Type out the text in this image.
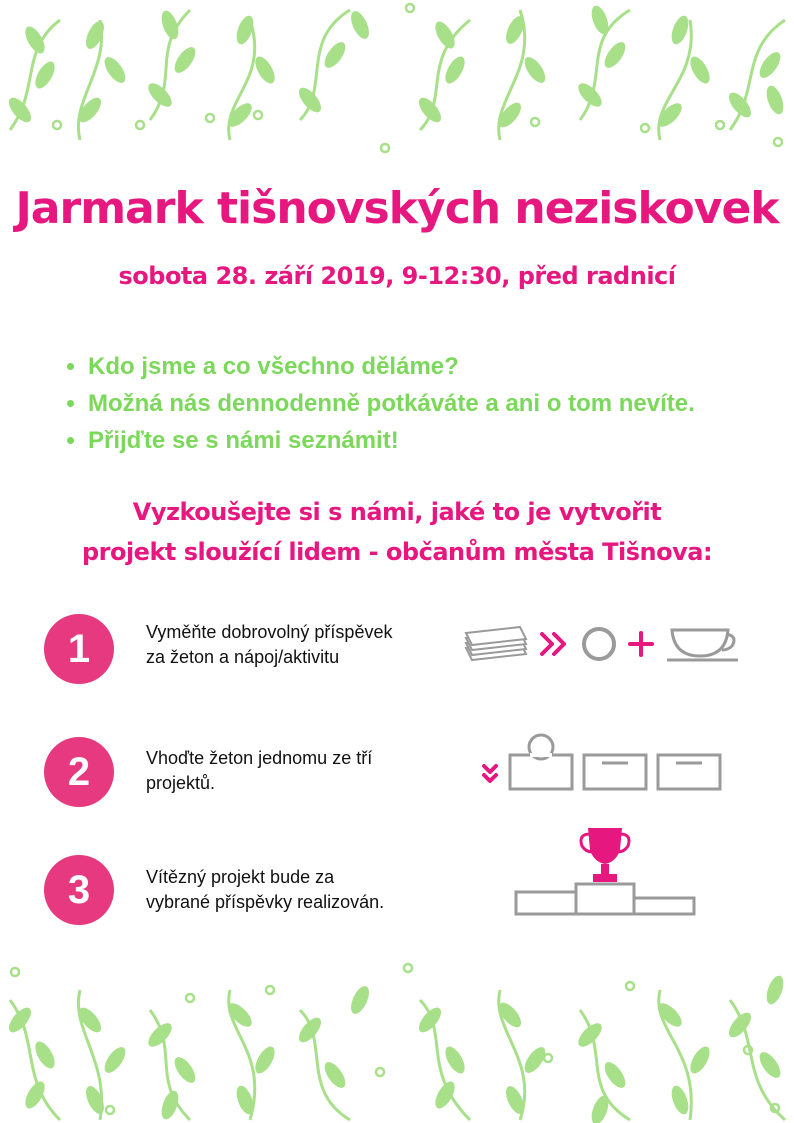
Jarmark tišnovských neziskovek
sobota 28. září 2019, 9-12:30, před radnicí
• Kdo jsme a co všechno děláme?
• Možná nás dennodenně potkáváte a ani o tom nevíte.
• Přijďte se s námi seznámit!
Vyzkoušejte si s námi, jaké to je vytvořit
projekt sloužící lidem - občanům města Tišnova:
1	Vyměňte dobrovolný příspěvek
za žeton a nápoj/aktivitu
2	Vhoďte žeton jednomu ze tří
projektů.
3	Vítězný projekt bude za
vybrané příspěvky realizován.
